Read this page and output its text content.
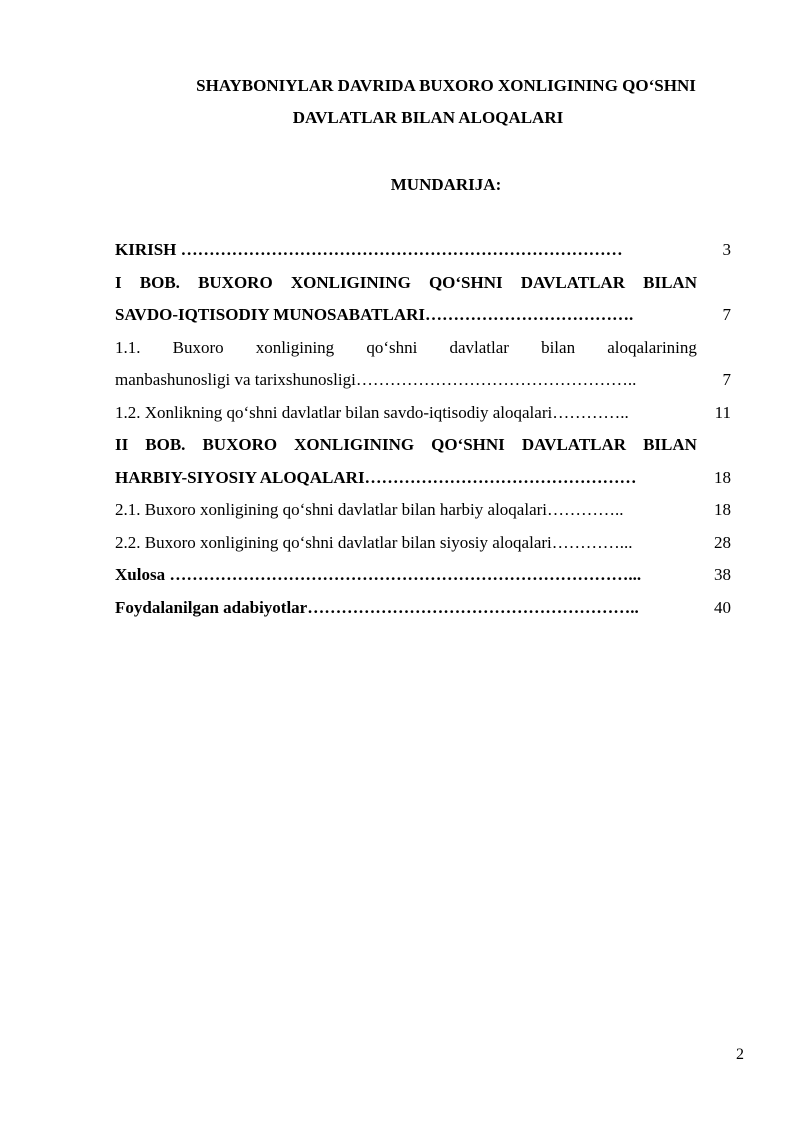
SHAYBONIYLAR DAVRIDA BUXORO XONLIGINING QO‘SHNI
DAVLATLAR BILAN ALOQALARI
MUNDARIJA:
KIRISH ……………………………………………………………………	3
I BOB. BUXORO XONLIGINING QO‘SHNI DAVLATLAR BILAN
SAVDO-IQTISODIY MUNOSABATLARI……………………………….	7
1.1. Buxoro xonligining qo‘shni davlatlar bilan aloqalarining
manbashunosligi va tarixshunosligi…………………………………………..	7
1.2. Xonlikning qo‘shni davlatlar bilan savdo-iqtisodiy aloqalari…………..	11
II BOB. BUXORO XONLIGINING QO‘SHNI DAVLATLAR BILAN
HARBIY-SIYOSIY ALOQALARI…………………………………………	18
2.1. Buxoro xonligining qo‘shni davlatlar bilan harbiy aloqalari…………..	18
2.2. Buxoro xonligining qo‘shni davlatlar bilan siyosiy aloqalari…………...	28
Xulosa ………………………………………………………………………...	38
Foydalanilgan adabiyotlar…………………………………………………..	40
2
